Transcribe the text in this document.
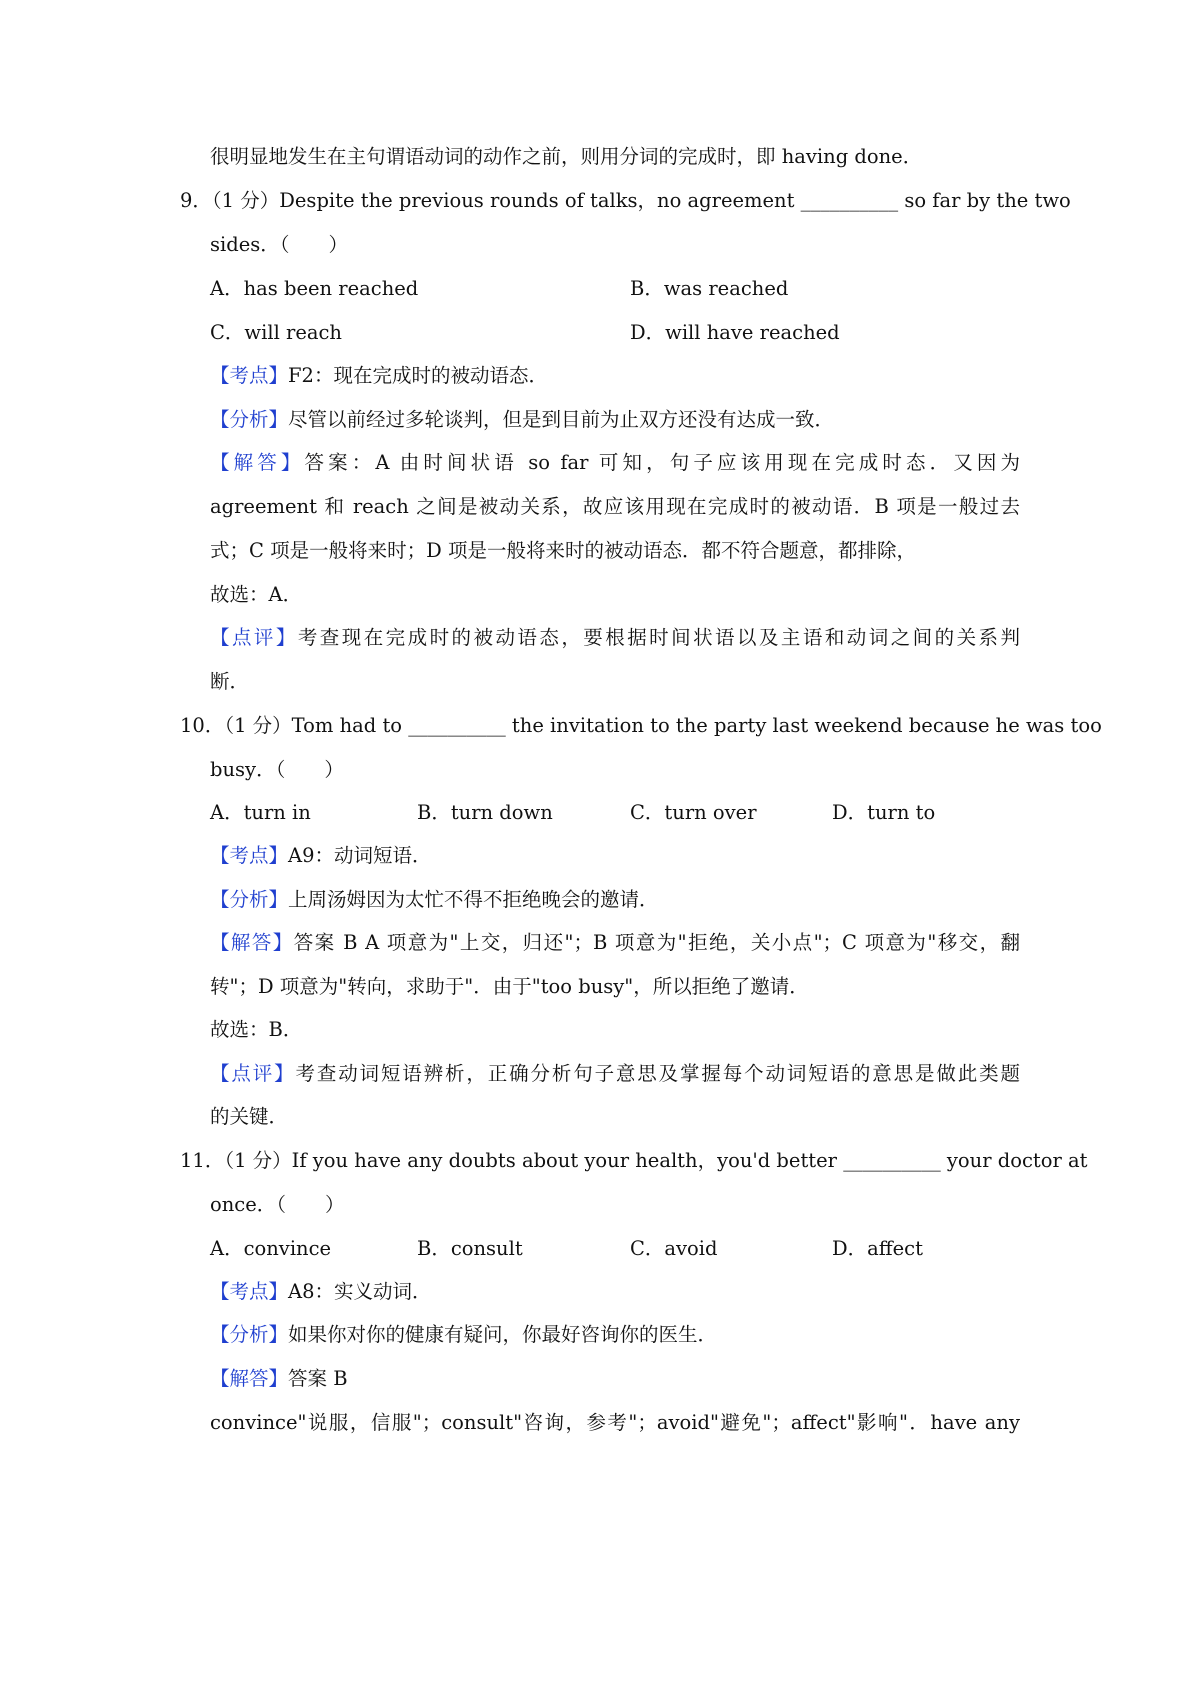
很明显地发生在主句谓语动词的动作之前，则用分词的完成时，即 having done．
9．（1 分）Despite the previous rounds of talks，no agreement __________ so far by the two
sides．（　　）
A．has been reached	B．was reached
C．will reach	D．will have reached
【考点】F2：现在完成时的被动语态．
【分析】尽管以前经过多轮谈判，但是到目前为止双方还没有达成一致．
【解答】答案：A 由时间状语 so far 可知，句子应该用现在完成时态．又因为
agreement 和 reach 之间是被动关系，故应该用现在完成时的被动语．B 项是一般过去
式；C 项是一般将来时；D 项是一般将来时的被动语态．都不符合题意，都排除，
故选：A．
【点评】考查现在完成时的被动语态，要根据时间状语以及主语和动词之间的关系判
断．
10．（1 分）Tom had to __________ the invitation to the party last weekend because he was too
busy．（　　）
A．turn in	B．turn down	C．turn over	D．turn to
【考点】A9：动词短语．
【分析】上周汤姆因为太忙不得不拒绝晚会的邀请．
【解答】答案 B A 项意为"上交，归还"；B 项意为"拒绝，关小点"；C 项意为"移交，翻
转"；D 项意为"转向，求助于"．由于"too busy"，所以拒绝了邀请．
故选：B．
【点评】考查动词短语辨析，正确分析句子意思及掌握每个动词短语的意思是做此类题
的关键．
11．（1 分）If you have any doubts about your health，you'd better __________ your doctor at
once．（　　）
A．convince	B．consult	C．avoid	D．affect
【考点】A8：实义动词．
【分析】如果你对你的健康有疑问，你最好咨询你的医生．
【解答】答案 B
convince"说服，信服"；consult"咨询，参考"；avoid"避免"；affect"影响"．have any
